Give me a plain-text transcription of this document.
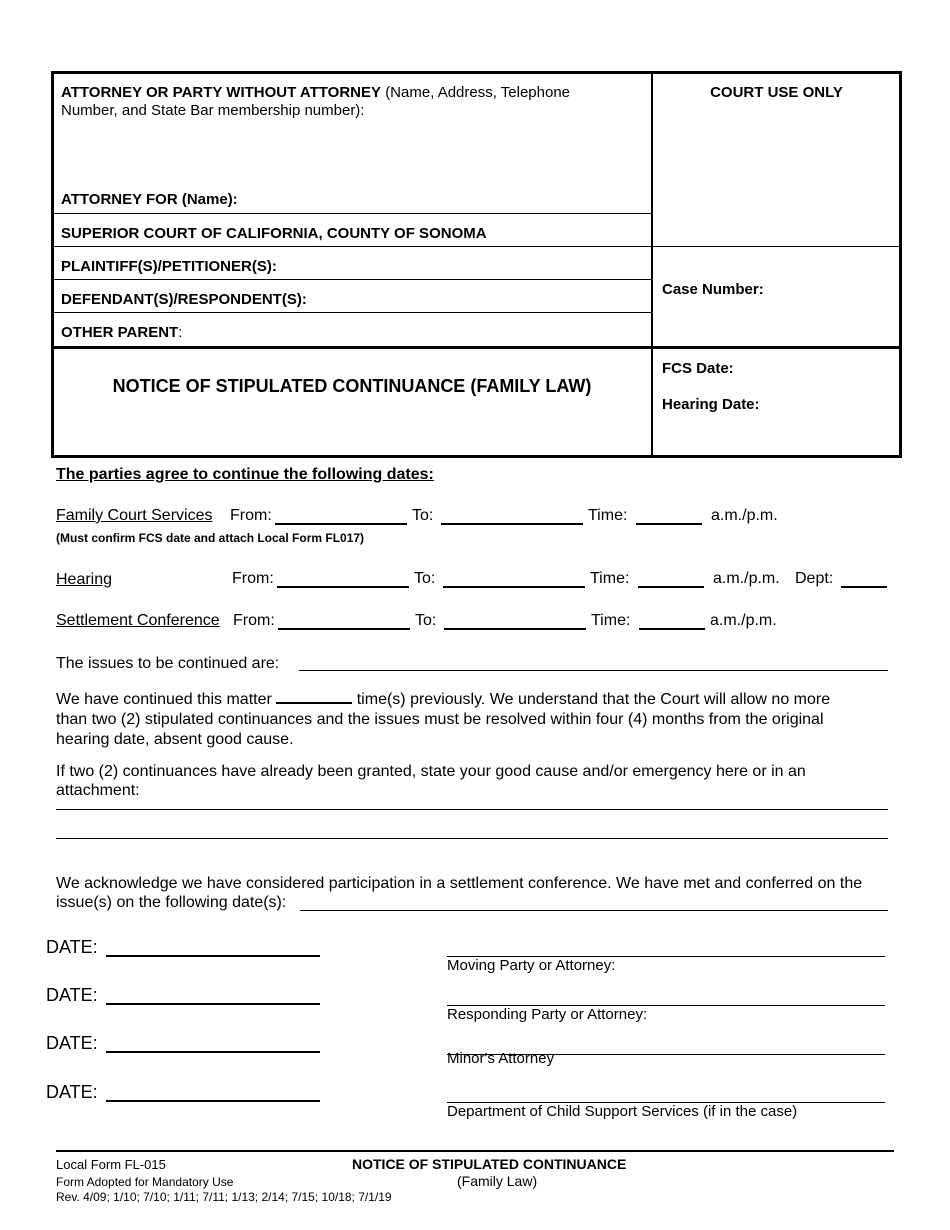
ATTORNEY OR PARTY WITHOUT ATTORNEY (Name, Address, Telephone
Number, and State Bar membership number):
ATTORNEY FOR (Name):
COURT USE ONLY
SUPERIOR COURT OF CALIFORNIA, COUNTY OF SONOMA
PLAINTIFF(S)/PETITIONER(S):
DEFENDANT(S)/RESPONDENT(S):
Case Number:
OTHER PARENT:
NOTICE OF STIPULATED CONTINUANCE (FAMILY LAW)
FCS Date:
Hearing Date:
The parties agree to continue the following dates:
Family Court Services From:	To:	Time:	a.m./p.m.
(Must confirm FCS date and attach Local Form FL017)
Hearing	From:	To:	Time:	a.m./p.m. Dept:
Settlement Conference From:	To:	Time:	a.m./p.m.
The issues to be continued are:
We have continued this matter	time(s) previously. We understand that the Court will allow no more
than two (2) stipulated continuances and the issues must be resolved within four (4) months from the original
hearing date, absent good cause.
If two (2) continuances have already been granted, state your good cause and/or emergency here or in an
attachment:
We acknowledge we have considered participation in a settlement conference. We have met and conferred on the
issue(s) on the following date(s):
DATE:
Moving Party or Attorney:
DATE:
Responding Party or Attorney:
DATE:
Minor's Attorney
DATE:
Department of Child Support Services (if in the case)
Local Form FL-015
Form Adopted for Mandatory Use
Rev. 4/09; 1/10; 7/10; 1/11; 7/11; 1/13; 2/14; 7/15; 10/18; 7/1/19
NOTICE OF STIPULATED CONTINUANCE
(Family Law)
